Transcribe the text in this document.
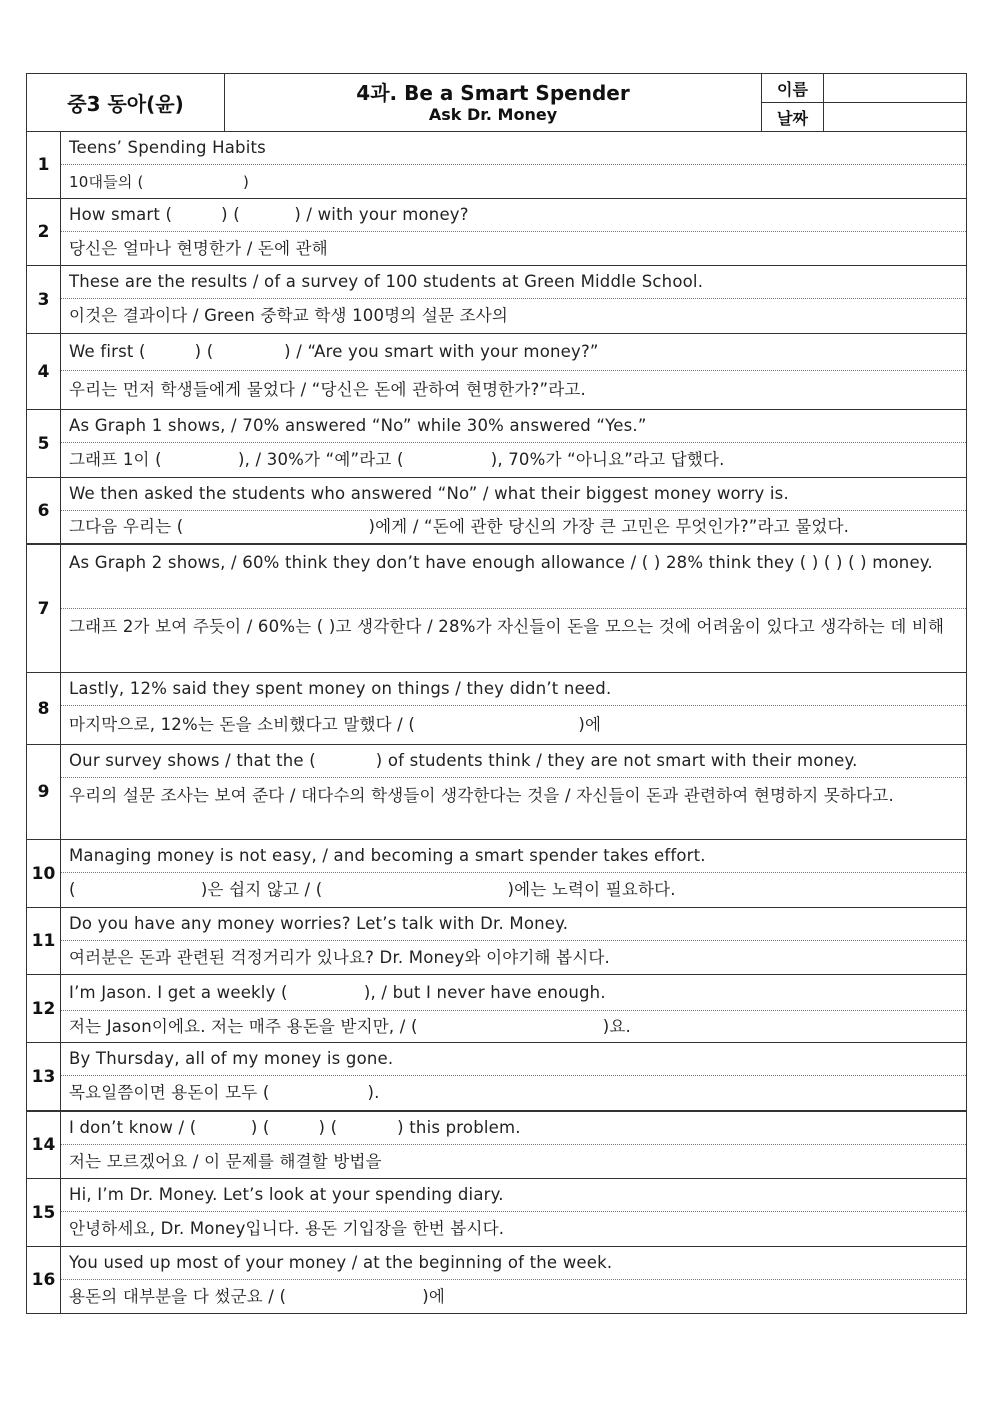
중3 동아(윤)	4과. Be a Smart Spender
Ask Dr. Money
이름
날짜
1
Teens’ Spending Habits
10대들의 (                    )
2
How smart (         ) (          ) / with your money?
당신은 얼마나 현명한가 / 돈에 관해
3
These are the results / of a survey of 100 students at Green Middle School.
이것은 결과이다 / Green 중학교 학생 100명의 설문 조사의
4
We first (         ) (             ) / “Are you smart with your money?”
우리는 먼저 학생들에게 물었다 / “당신은 돈에 관하여 현명한가?”라고.
5
As Graph 1 shows, / 70% answered “No” while 30% answered “Yes.”
그래프 1이 (              ), / 30%가 “예”라고 (                ), 70%가 “아니요”라고 답했다.
6
We then asked the students who answered “No” / what their biggest money worry is.
그다음 우리는 (                                  )에게 / “돈에 관한 당신의 가장 큰 고민은 무엇인가?”라고 물었다.
7
As Graph 2 shows, / 60% think they don’t have enough allowance / ( ) 28% think they ( ) ( ) ( ) money.
그래프 2가 보여 주듯이 / 60%는 ( )고 생각한다 / 28%가 자신들이 돈을 모으는 것에 어려움이 있다고 생각하는 데 비해
8
Lastly, 12% said they spent money on things / they didn’t need.
마지막으로, 12%는 돈을 소비했다고 말했다 / (                              )에
9
Our survey shows / that the (           ) of students think / they are not smart with their money.
우리의 설문 조사는 보여 준다 / 대다수의 학생들이 생각한다는 것을 / 자신들이 돈과 관련하여 현명하지 못하다고.
10
Managing money is not easy, / and becoming a smart spender takes effort.
(                       )은 쉽지 않고 / (                                  )에는 노력이 필요하다.
11
Do you have any money worries? Let’s talk with Dr. Money.
여러분은 돈과 관련된 걱정거리가 있나요? Dr. Money와 이야기해 봅시다.
12
I’m Jason. I get a weekly (              ), / but I never have enough.
저는 Jason이에요. 저는 매주 용돈을 받지만, / (                                  )요.
13
By Thursday, all of my money is gone.
목요일쯤이면 용돈이 모두 (                  ).
14
I don’t know / (          ) (         ) (           ) this problem.
저는 모르겠어요 / 이 문제를 해결할 방법을
15
Hi, I’m Dr. Money. Let’s look at your spending diary.
안녕하세요, Dr. Money입니다. 용돈 기입장을 한번 봅시다.
16
You used up most of your money / at the beginning of the week.
용돈의 대부분을 다 썼군요 / (                         )에
